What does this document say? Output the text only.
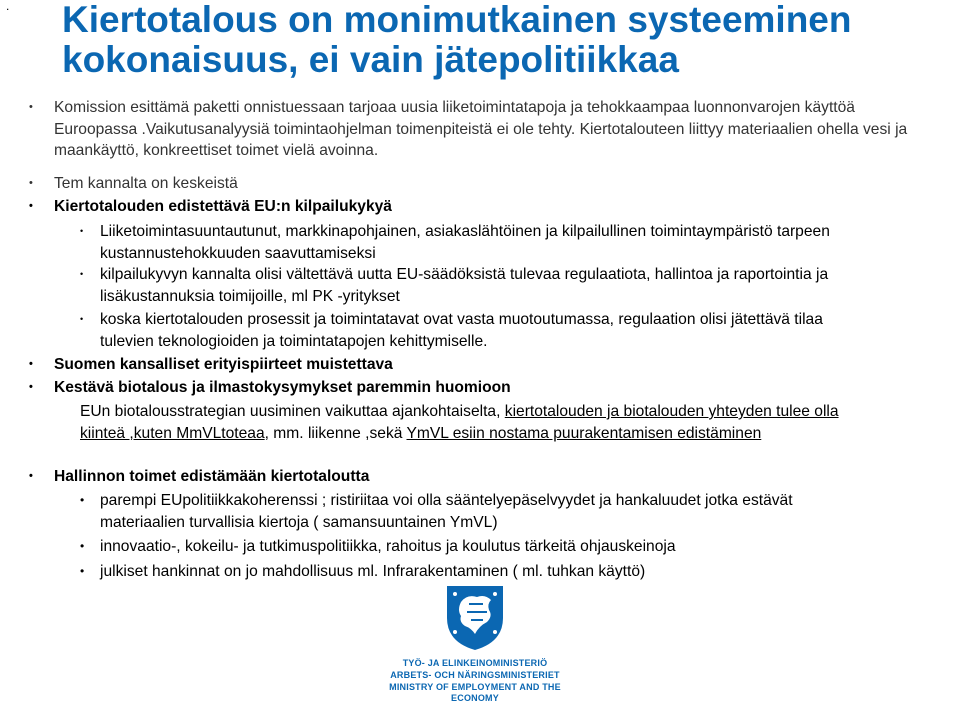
. Kiertotalous on monimutkainen systeeminen kokonaisuus, ei vain jätepolitiikkaa
• Komission esittämä paketti onnistuessaan tarjoaa uusia liiketoimintatapoja ja tehokkaampaa luonnonvarojen käyttöä Euroopassa .Vaikutusanalyysiä toimintaohjelman toimenpiteistä ei ole tehty. Kiertotalouteen liittyy materiaalien ohella vesi ja maankäyttö, konkreettiset toimet vielä avoinna.
• Tem kannalta on keskeistä
• Kiertotalouden edistettävä EU:n kilpailukykyä
• Liiketoimintasuuntautunut, markkinapohjainen, asiakaslähtöinen ja kilpailullinen toimintaympäristö tarpeen kustannustehokkuuden saavuttamiseksi
• kilpailukyvyn kannalta olisi vältettävä uutta EU-säädöksistä tulevaa regulaatiota, hallintoa ja raportointia ja lisäkustannuksia toimijoille, ml PK -yritykset
• koska kiertotalouden prosessit ja toimintatavat ovat vasta muotoutumassa, regulaation olisi jätettävä tilaa tulevien teknologioiden ja toimintatapojen kehittymiselle.
• Suomen kansalliset erityispiirteet muistettava
• Kestävä biotalous ja ilmastokysymykset paremmin huomioon
EUn biotalousstrategian uusiminen vaikuttaa ajankohtaiselta, kiertotalouden ja biotalouden yhteyden tulee olla kiinteä ,kuten MmVLtoteaa, mm. liikenne ,sekä YmVL esiin nostama puurakentamisen edistäminen
• Hallinnon toimet edistämään kiertotaloutta
• parempi EUpolitiikkakoherenssi ; ristiriitaa voi olla sääntelyepäselvyydet ja hankaluudet jotka estävät materiaalien turvallisia kiertoja ( samansuuntainen YmVL)
• innovaatio-, kokeilu- ja tutkimuspolitiikka, rahoitus ja koulutus tärkeitä ohjauskeinoja
• julkiset hankinnat on jo mahdollisuus ml. Infrarakentaminen ( ml. tuhkan käyttö)
TYÖ- JA ELINKEINOMINISTERIÖ
ARBETS- OCH NÄRINGSMINISTERIET
MINISTRY OF EMPLOYMENT AND THE ECONOMY
